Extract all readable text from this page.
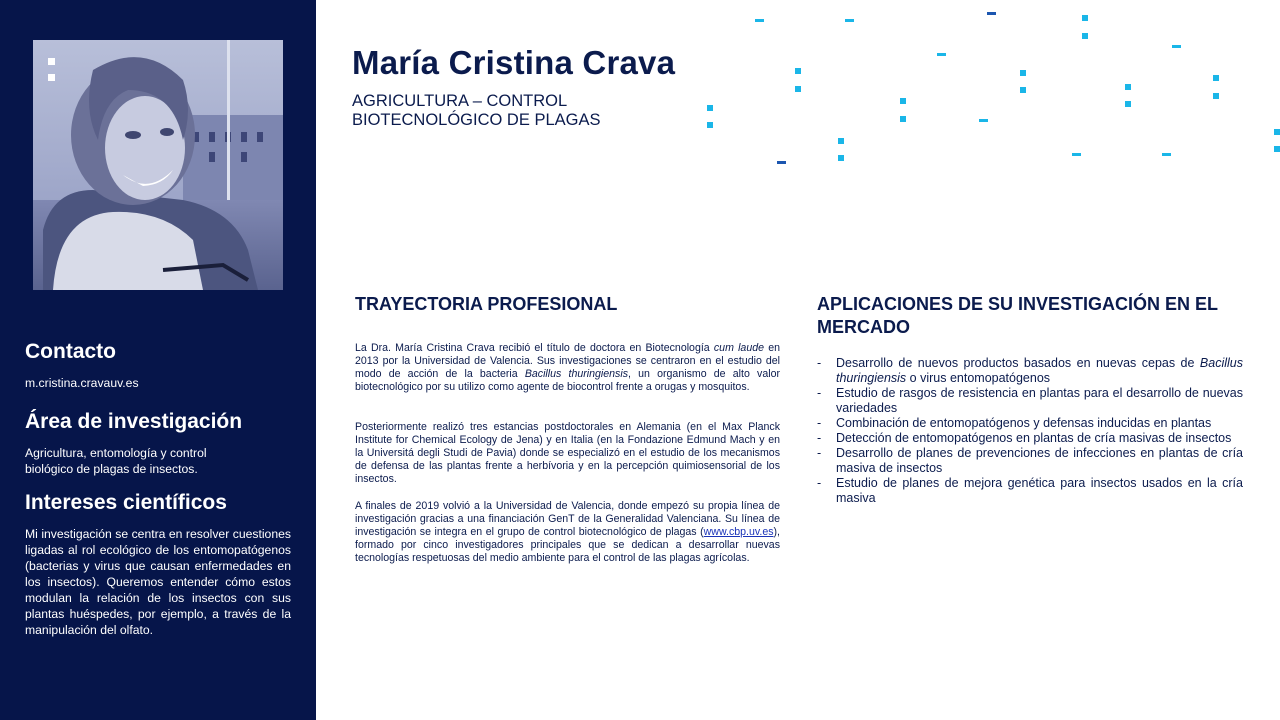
Contacto

m.cristina.cravauv.es

Área de investigación

Agricultura, entomología y control biológico de plagas de insectos.

Intereses científicos

Mi investigación se centra en resolver cuestiones ligadas al rol ecológico de los entomopatógenos (bacterias y virus que causan enfermedades en los insectos). Queremos entender cómo estos modulan la relación de los insectos con sus plantas huéspedes, por ejemplo, a través de la manipulación del olfato.

María Cristina Crava
AGRICULTURA – CONTROL
BIOTECNOLÓGICO DE PLAGAS
TRAYECTORIA PROFESIONAL

La Dra. María Cristina Crava recibió el título de doctora en Biotecnología cum laude en 2013 por la Universidad de Valencia. Sus investigaciones se centraron en el estudio del modo de acción de la bacteria Bacillus thuringiensis, un organismo de alto valor biotecnológico por su utilizo como agente de biocontrol frente a orugas y mosquitos.

Posteriormente realizó tres estancias postdoctorales en Alemania (en el Max Planck Institute for Chemical Ecology de Jena) y en Italia (en la Fondazione Edmund Mach y en la Universitá degli Studi de Pavia) donde se especializó en el estudio de los mecanismos de defensa de las plantas frente a herbívoria y en la percepción quimiosensorial de los insectos.

A finales de 2019 volvió a la Universidad de Valencia, donde empezó su propia línea de investigación gracias a una financiación GenT de la Generalidad Valenciana. Su línea de investigación se integra en el grupo de control biotecnológico de plagas (www.cbp.uv.es), formado por cinco investigadores principales que se dedican a desarrollar nuevas tecnologías respetuosas del medio ambiente para el control de las plagas agrícolas.

APLICACIONES DE SU INVESTIGACIÓN EN EL MERCADO
- Desarrollo de nuevos productos basados en nuevas cepas de Bacillus thuringiensis o virus entomopatógenos
- Estudio de rasgos de resistencia en plantas para el desarrollo de nuevas variedades
- Combinación de entomopatógenos y defensas inducidas en plantas
- Detección de entomopatógenos en plantas de cría masivas de insectos
- Desarrollo de planes de prevenciones de infecciones en plantas de cría masiva de insectos
- Estudio de planes de mejora genética para insectos usados en la cría masiva
